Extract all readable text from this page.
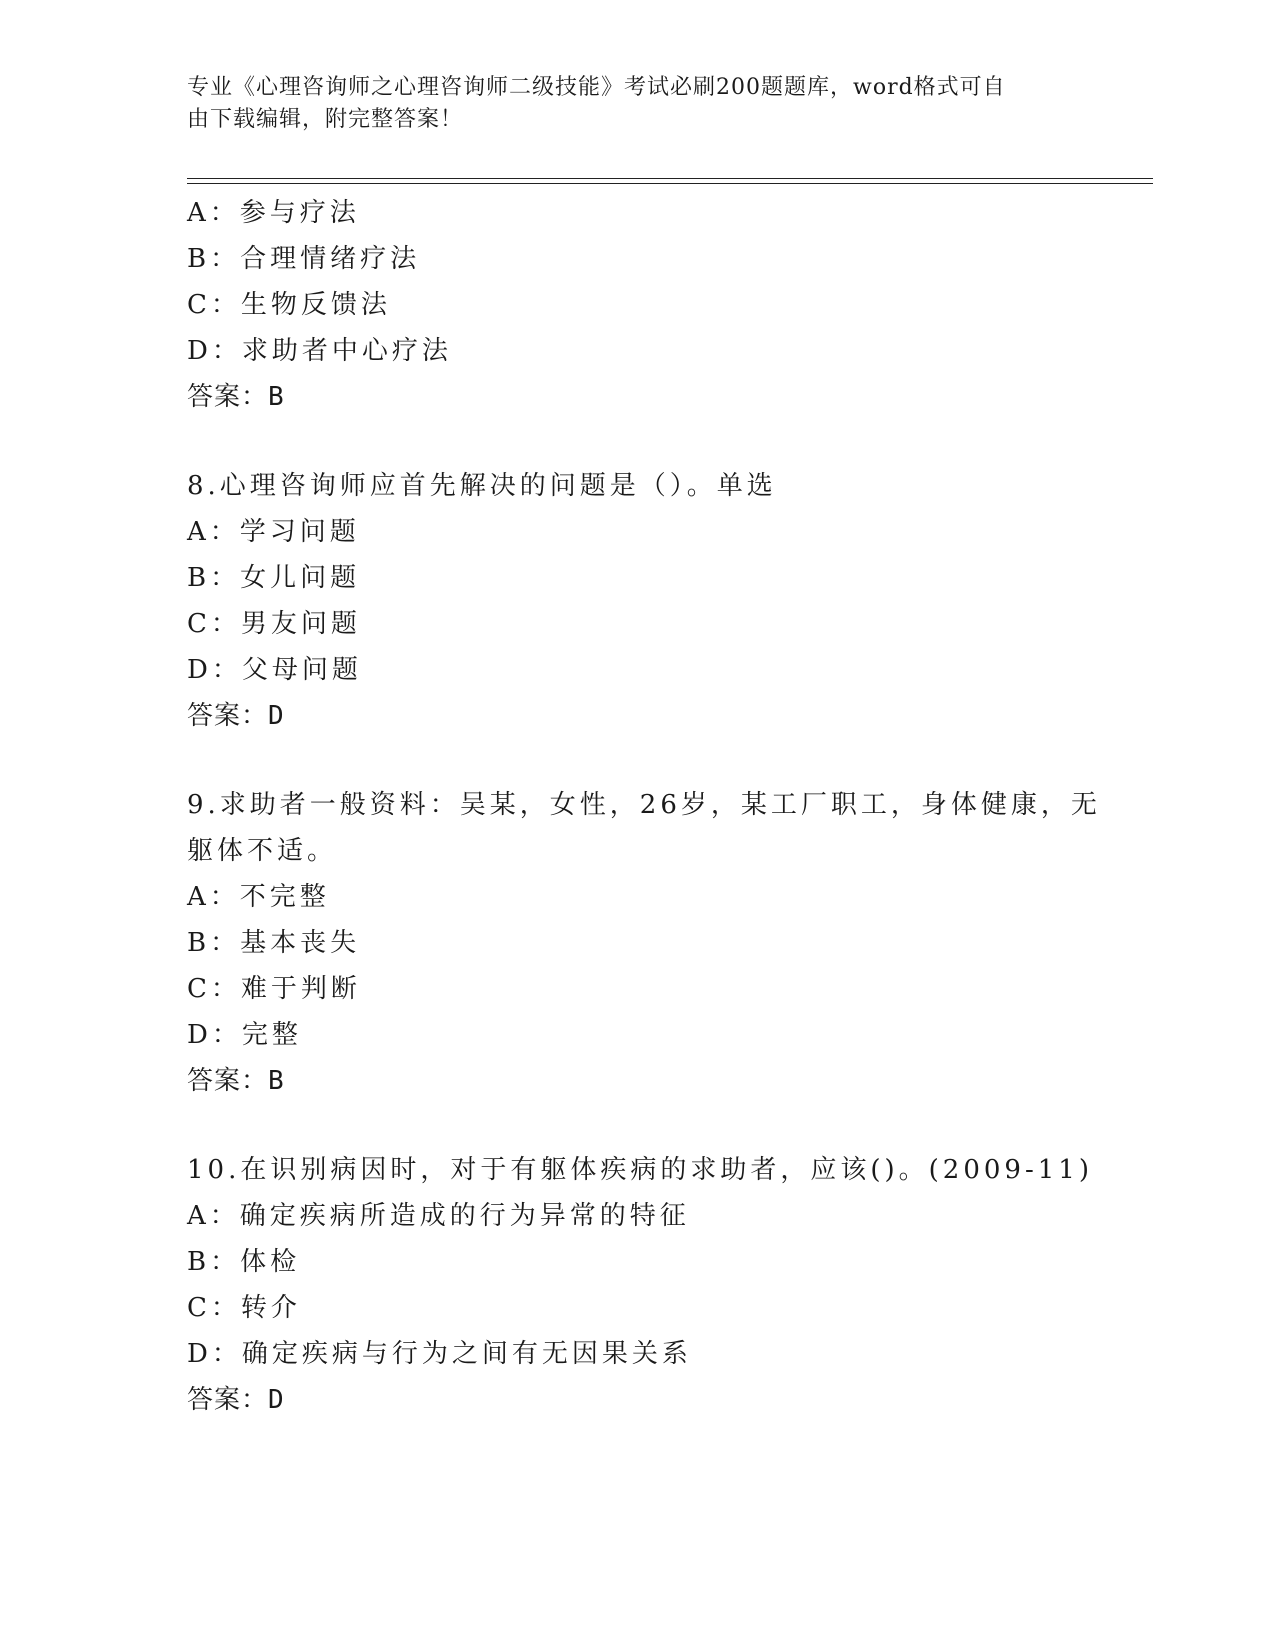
专业《心理咨询师之心理咨询师二级技能》考试必刷200题题库，word格式可自
由下载编辑，附完整答案！
A：参与疗法
B：合理情绪疗法
C：生物反馈法
D：求助者中心疗法
答案：B
8.心理咨询师应首先解决的问题是（）。单选
A：学习问题
B：女儿问题
C：男友问题
D：父母问题
答案：D
9.求助者一般资料：吴某，女性，26岁，某工厂职工，身体健康，无
躯体不适。
A：不完整
B：基本丧失
C：难于判断
D：完整
答案：B
10.在识别病因时，对于有躯体疾病的求助者，应该()。(2009-11)
A：确定疾病所造成的行为异常的特征
B：体检
C：转介
D：确定疾病与行为之间有无因果关系
答案：D
